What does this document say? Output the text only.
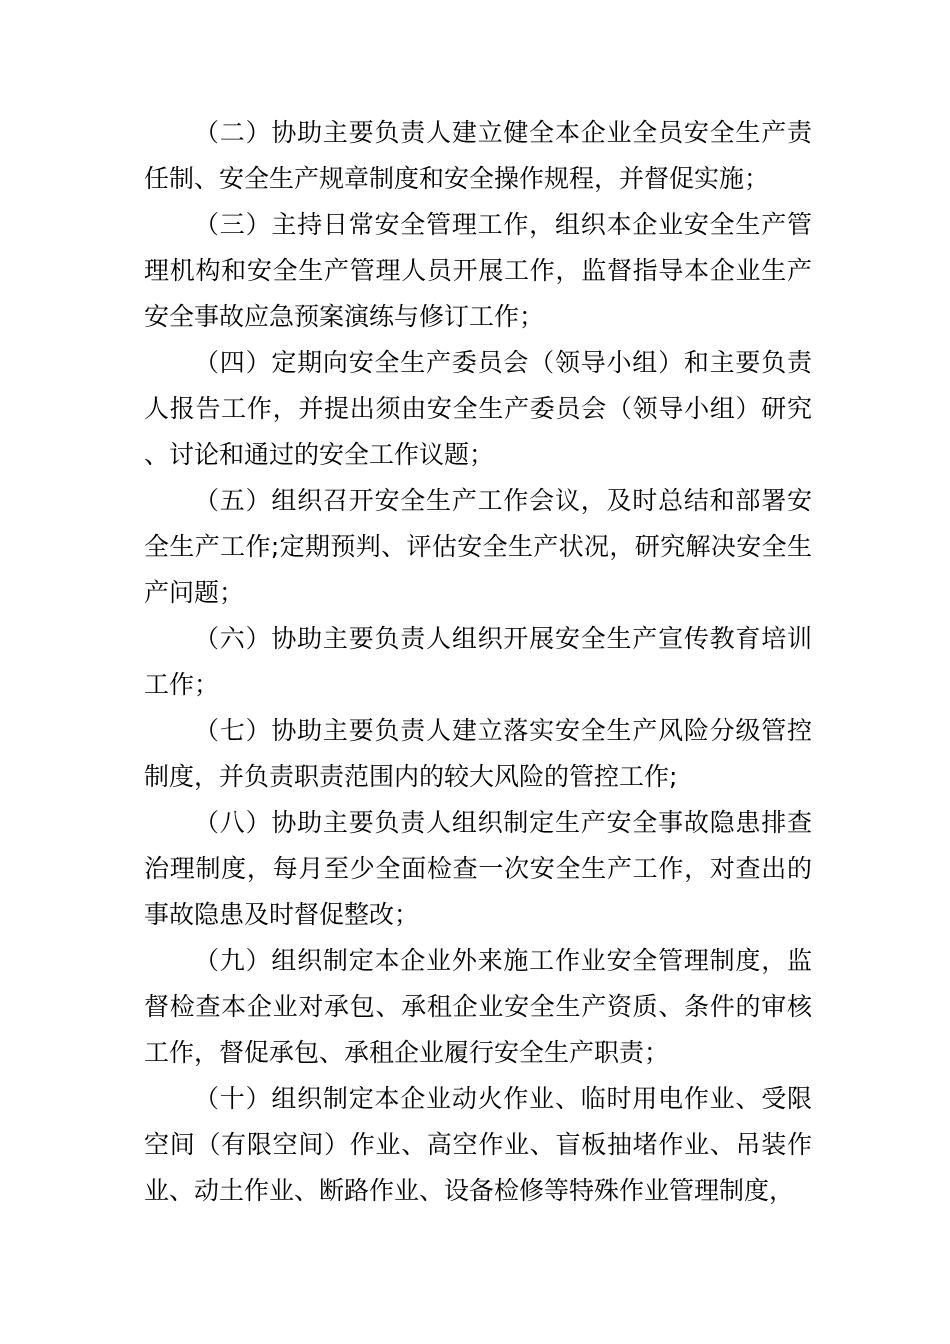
（二）协助主要负责人建立健全本企业全员安全生产责任制、安全生产规章制度和安全操作规程，并督促实施；

（三）主持日常安全管理工作，组织本企业安全生产管理机构和安全生产管理人员开展工作，监督指导本企业生产安全事故应急预案演练与修订工作；

（四）定期向安全生产委员会（领导小组）和主要负责人报告工作，并提出须由安全生产委员会（领导小组）研究、讨论和通过的安全工作议题；

（五）组织召开安全生产工作会议，及时总结和部署安全生产工作;定期预判、评估安全生产状况，研究解决安全生产问题；

（六）协助主要负责人组织开展安全生产宣传教育培训工作；

（七）协助主要负责人建立落实安全生产风险分级管控制度，并负责职责范围内的较大风险的管控工作;

（八）协助主要负责人组织制定生产安全事故隐患排查治理制度，每月至少全面检查一次安全生产工作，对查出的事故隐患及时督促整改；

（九）组织制定本企业外来施工作业安全管理制度，监督检查本企业对承包、承租企业安全生产资质、条件的审核工作，督促承包、承租企业履行安全生产职责；

（十）组织制定本企业动火作业、临时用电作业、受限空间（有限空间）作业、高空作业、盲板抽堵作业、吊装作业、动土作业、断路作业、设备检修等特殊作业管理制度，
